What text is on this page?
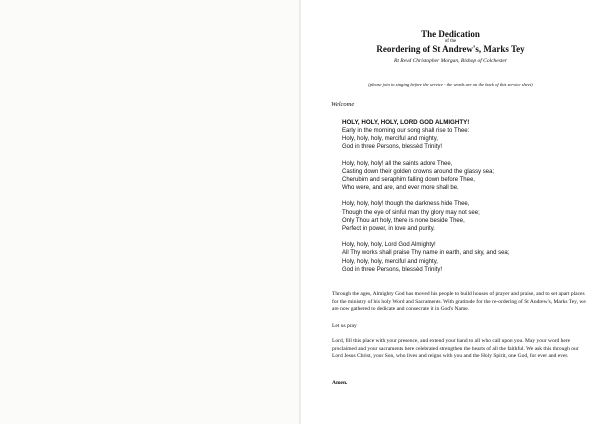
The Dedication
of the
Reordering of St Andrew's, Marks Tey
Rt Revd Christopher Morgan, Bishop of Colchester
(please join in singing before the service - the words are on the back of this service sheet)
Welcome
HOLY, HOLY, HOLY, LORD GOD ALMIGHTY!
Early in the morning our song shall rise to Thee:
Holy, holy, holy, merciful and mighty,
God in three Persons, blessèd Trinity!
Holy, holy, holy! all the saints adore Thee,
Casting down their golden crowns around the glassy sea;
Cherubim and seraphim falling down before Thee,
Who were, and are, and ever more shall be.
Holy, holy, holy! though the darkness hide Thee,
Though the eye of sinful man thy glory may not see;
Only Thou art holy, there is none beside Thee,
Perfect in power, in love and purity.
Holy, holy, holy, Lord God Almighty!
All Thy works shall praise Thy name in earth, and sky, and sea;
Holy, holy, holy, merciful and mighty,
God in three Persons, blessèd Trinity!
Through the ages, Almighty God has moved his people to build houses of prayer and praise, and to set apart places for the ministry of his holy Word and Sacraments. With gratitude for the re-ordering of St Andrew's, Marks Tey, we are now gathered to dedicate and consecrate it in God's Name.
Let us pray
Lord, fill this place with your presence, and extend your hand to all who call upon you. May your word here proclaimed and your sacraments here celebrated strengthen the hearts of all the faithful. We ask this through our Lord Jesus Christ, your Son, who lives and reigns with you and the Holy Spirit, one God, for ever and ever.
Amen.
